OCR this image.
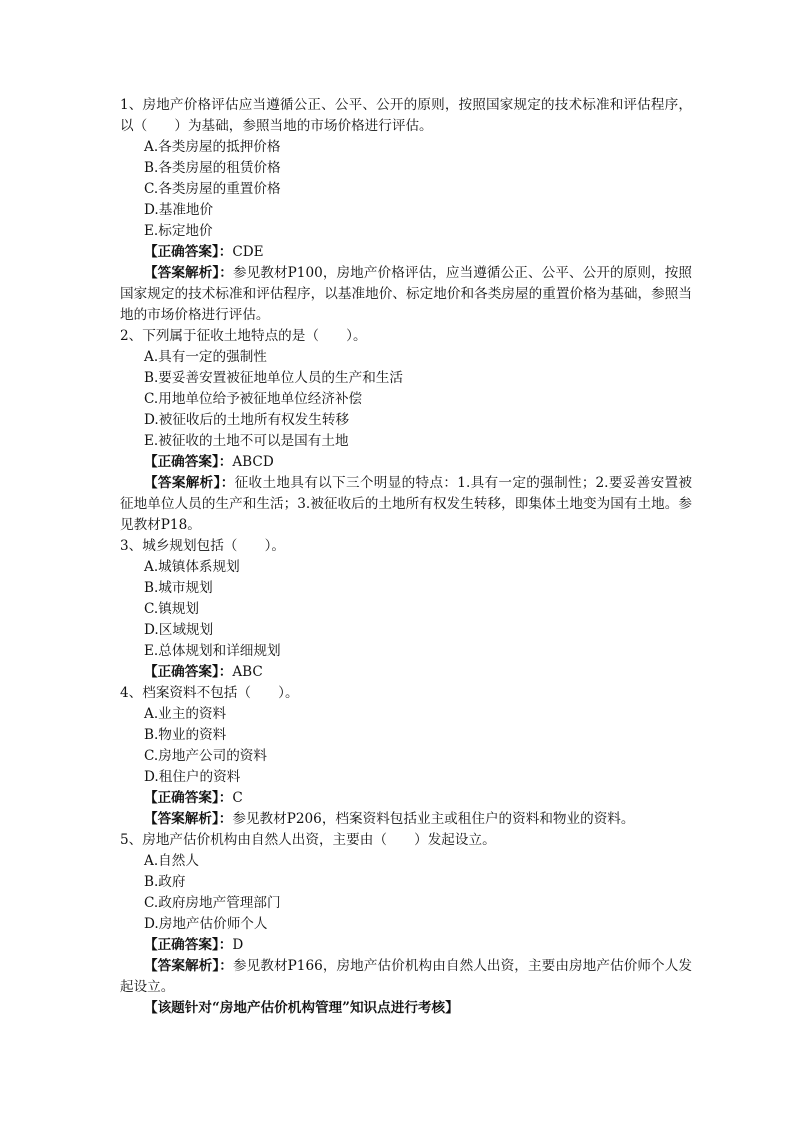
1、房地产价格评估应当遵循公正、公平、公开的原则，按照国家规定的技术标准和评估程序，以（　　）为基础，参照当地的市场价格进行评估。

A.各类房屋的抵押价格

B.各类房屋的租赁价格

C.各类房屋的重置价格

D.基准地价

E.标定地价

【正确答案】：CDE

【答案解析】：参见教材P100，房地产价格评估，应当遵循公正、公平、公开的原则，按照国家规定的技术标准和评估程序，以基准地价、标定地价和各类房屋的重置价格为基础，参照当地的市场价格进行评估。

2、下列属于征收土地特点的是（　　）。

A.具有一定的强制性

B.要妥善安置被征地单位人员的生产和生活

C.用地单位给予被征地单位经济补偿

D.被征收后的土地所有权发生转移

E.被征收的土地不可以是国有土地

【正确答案】：ABCD

【答案解析】：征收土地具有以下三个明显的特点：1.具有一定的强制性；2.要妥善安置被征地单位人员的生产和生活；3.被征收后的土地所有权发生转移，即集体土地变为国有土地。参见教材P18。

3、城乡规划包括（　　）。

A.城镇体系规划

B.城市规划

C.镇规划

D.区域规划

E.总体规划和详细规划

【正确答案】：ABC

4、档案资料不包括（　　）。

A.业主的资料

B.物业的资料

C.房地产公司的资料

D.租住户的资料

【正确答案】：C

【答案解析】：参见教材P206，档案资料包括业主或租住户的资料和物业的资料。

5、房地产估价机构由自然人出资，主要由（　　）发起设立。

A.自然人

B.政府

C.政府房地产管理部门

D.房地产估价师个人

【正确答案】：D

【答案解析】：参见教材P166，房地产估价机构由自然人出资，主要由房地产估价师个人发起设立。

【该题针对“房地产估价机构管理”知识点进行考核】
